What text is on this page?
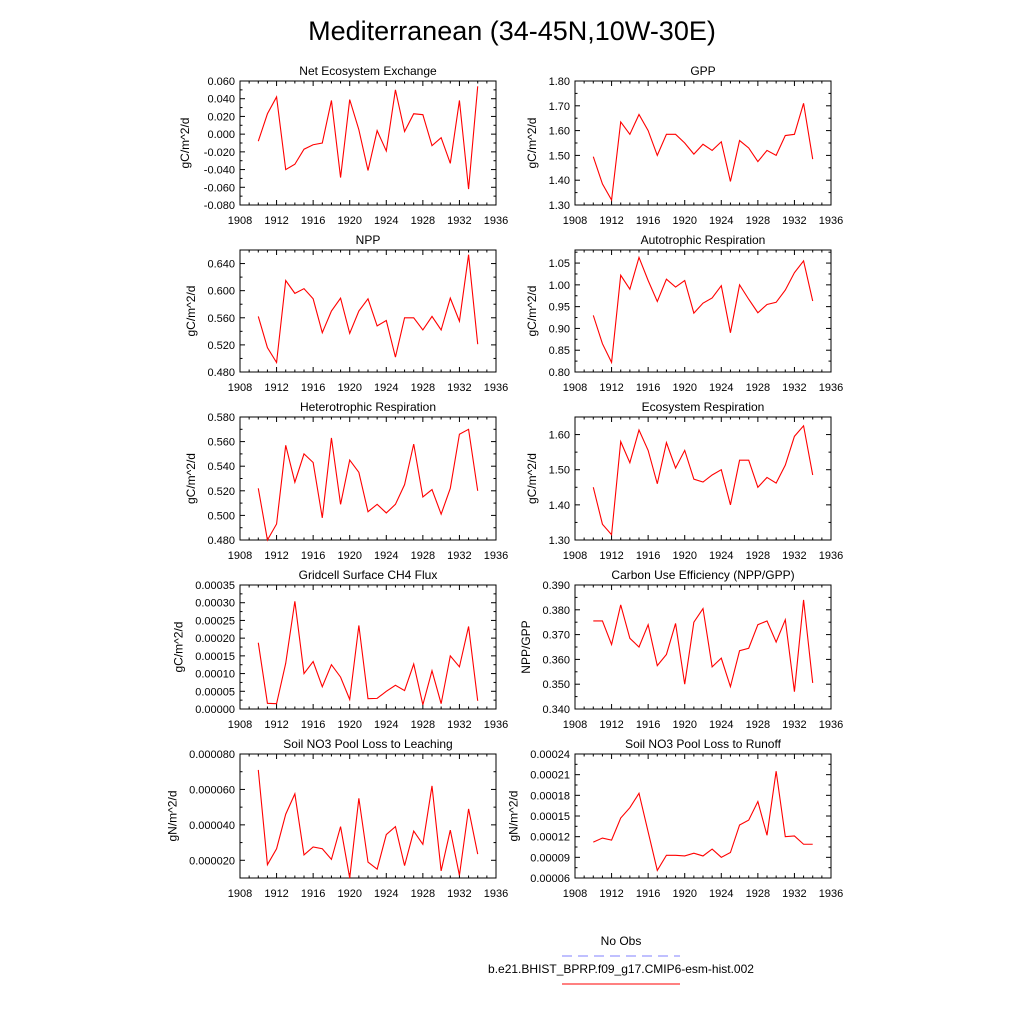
Mediterranean (34-45N,10W-30E)
Net Ecosystem Exchange
1908 1912 1916 1920 1924 1928 1932 1936
-0.080
-0.060
-0.040
-0.020
0.000
0.020
0.040
0.060
gC/m^2/d
GPP
1908 1912 1916 1920 1924 1928 1932 1936
1.30
1.40
1.50
1.60
1.70
1.80
gC/m^2/d
NPP
1908 1912 1916 1920 1924 1928 1932 1936
0.480
0.520
0.560
0.600
0.640
gC/m^2/d
Autotrophic Respiration
1908 1912 1916 1920 1924 1928 1932 1936
0.80
0.85
0.90
0.95
1.00
1.05
gC/m^2/d
Heterotrophic Respiration
1908 1912 1916 1920 1924 1928 1932 1936
0.480
0.500
0.520
0.540
0.560
0.580
gC/m^2/d
Ecosystem Respiration
1908 1912 1916 1920 1924 1928 1932 1936
1.30
1.40
1.50
1.60
gC/m^2/d
Gridcell Surface CH4 Flux
1908 1912 1916 1920 1924 1928 1932 1936
0.00000
0.00005
0.00010
0.00015
0.00020
0.00025
0.00030
0.00035
gC/m^2/d
Carbon Use Efficiency (NPP/GPP)
1908 1912 1916 1920 1924 1928 1932 1936
0.340
0.350
0.360
0.370
0.380
0.390
NPP/GPP
Soil NO3 Pool Loss to Leaching
1908 1912 1916 1920 1924 1928 1932 1936
0.000020
0.000040
0.000060
0.000080
gN/m^2/d
Soil NO3 Pool Loss to Runoff
1908 1912 1916 1920 1924 1928 1932 1936
0.00006
0.00009
0.00012
0.00015
0.00018
0.00021
0.00024
gN/m^2/d
No Obs
b.e21.BHIST_BPRP.f09_g17.CMIP6-esm-hist.002
